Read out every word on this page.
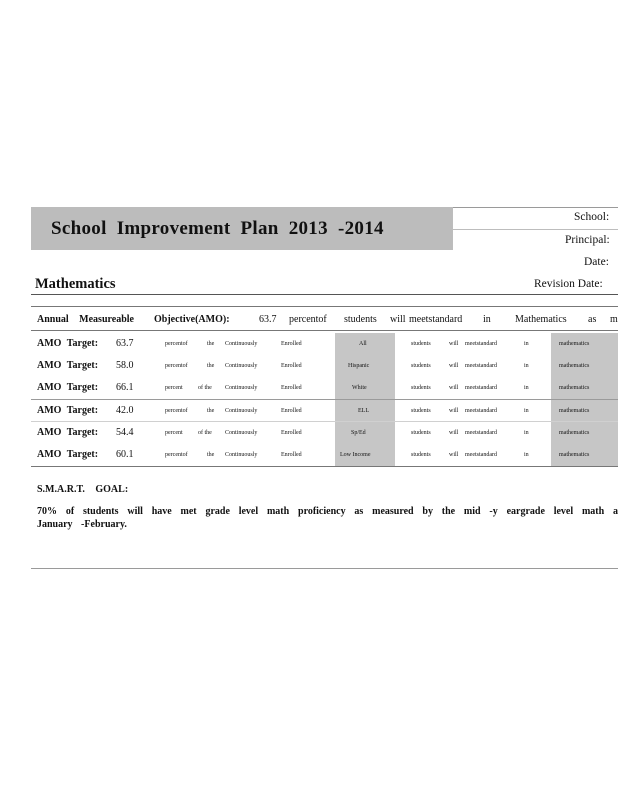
School Improvement Plan 2013 -2014
School:
Principal:
Date:
Revision Date:
Mathematics
Annual Measureable Objective(AMO):	63.7 percentof students will meetstandard in Mathematics as m
AMO Target: 63.7	percentof	the Continuously	Enrolled	All	students	will meetstandard	in	mathematics
AMO Target: 58.0	percentof	the Continuously	Enrolled	Hispanic	students	will meetstandard	in	mathematics
AMO Target: 66.1	percent	of the Continuously	Enrolled	White	students	will meetstandard	in	mathematics
AMO Target: 42.0	percentof	the Continuously	Enrolled	ELL	students	will meetstandard	in	mathematics
AMO Target: 54.4	percent	of the Continuously	Enrolled	Sp/Ed	students	will meetstandard	in	mathematics
AMO Target: 60.1	percentof	the Continuously	Enrolled	Low Income	students	will meetstandard	in	mathematics
S.M.A.R.T. GOAL:
70% of students will have met grade level math proficiency as measured by the mid -y eargrade level math a
January -February.
